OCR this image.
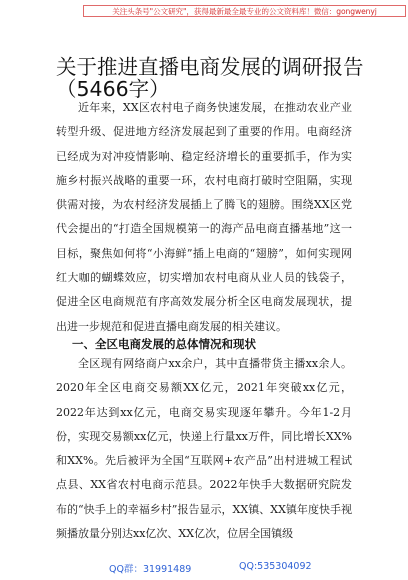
关注头条号"公文研究"，获得最新最全最专业的公文资料库！微信：gongwenyj
关于推进直播电商发展的调研报告（5466字）

近年来，XX区农村电子商务快速发展，在推动农业产业转型升级、促进地方经济发展起到了重要的作用。电商经济已经成为对冲疫情影响、稳定经济增长的重要抓手，作为实施乡村振兴战略的重要一环，农村电商打破时空阻隔，实现供需对接，为农村经济发展插上了腾飞的翅膀。围绕XX区党代会提出的“打造全国规模第一的海产品电商直播基地”这一目标，聚焦如何将“小海鲜”插上电商的“翅膀”，如何实现网红大咖的蝴蝶效应，切实增加农村电商从业人员的钱袋子，促进全区电商规范有序高效发展分析全区电商发展现状，提出进一步规范和促进直播电商发展的相关建议。

一、全区电商发展的总体情况和现状

全区现有网络商户xx余户，其中直播带货主播xx余人。2020年全区电商交易额XX亿元，2021年突破xx亿元，2022年达到xx亿元，电商交易实现逐年攀升。今年1-2月份，实现交易额xx亿元，快递上行量xx万件，同比增长XX%和XX%。先后被评为全国“互联网+农产品”出村进城工程试点县、XX省农村电商示范县。2022年快手大数据研究院发布的“快手上的幸福乡村”报告显示，XX镇、XX镇年度快手视频播放量分别达xx亿次、XX亿次，位居全国镇级

QQ群：31991489	QQ:535304092
